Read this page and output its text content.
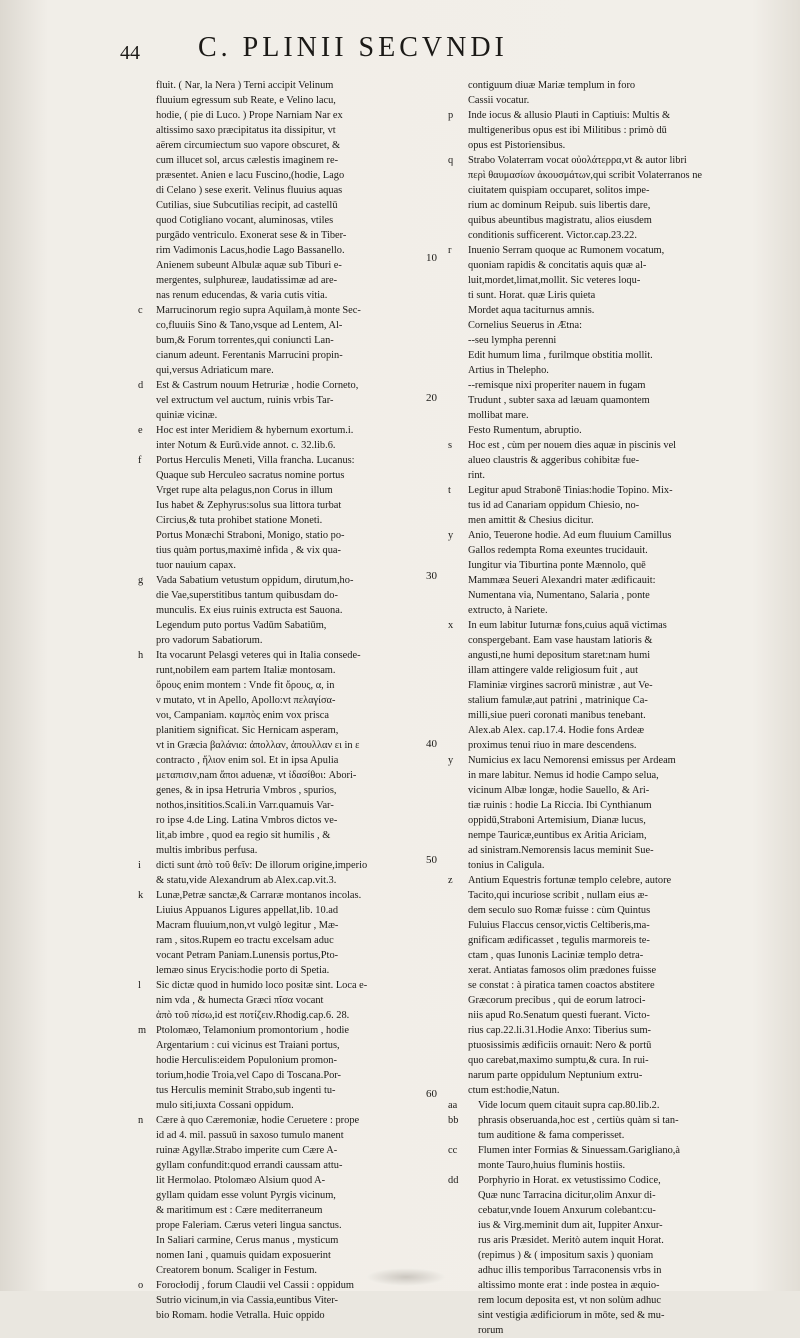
44 C. PLINII SECVNDI
10
20
30
40
50
60
fluit. ( Nar, la Nera ) Terni accipit Velinum
fluuium egressum sub Reate, e Velino lacu,
hodie, ( pie di Luco. ) Prope Narniam Nar ex
altissimo saxo præcipitatus ita dissipitur, vt
aërem circumiectum suo vapore obscuret, &
cum illucet sol, arcus cælestis imaginem re-
præsentet. Anien e lacu Fuscino,(hodie, Lago
di Celano ) sese exerit. Velinus fluuius aquas
Cutilias, siue Subcutilias recipit, ad castellū
quod Cotigliano vocant, aluminosas, vtiles
purgādo ventriculo. Exonerat sese & in Tiber-
rim Vadimonis Lacus,hodie Lago Bassanello.
Anienem subeunt Albulæ aquæ sub Tiburi e-
mergentes, sulphureæ, laudatissimæ ad are-
nas renum educendas, & varia cutis vitia.
c Marrucinorum regio supra Aquilam,à monte Sec-
co,fluuiis Sino & Tano,vsque ad Lentem, Al-
bum,& Forum torrentes,qui coniuncti Lan-
cianum adeunt. Ferentanis Marrucini propin-
qui,versus Adriaticum mare.
d Est & Castrum nouum Hetruriæ , hodie Corneto,
vel extructum vel auctum, ruinis vrbis Tar-
quiniæ vicinæ.
e Hoc est inter Meridiem & hybernum exortum.i.
inter Notum & Eurū.vide annot. c. 32.lib.6.
f Portus Herculis Meneti, Villa francha. Lucanus:
Quaque sub Herculeo sacratus nomine portus
Vrget rupe alta pelagus,non Corus in illum
Ius habet & Zephyrus:solus sua littora turbat
Circius,& tuta prohibet statione Moneti.
Portus Monæchi Straboni, Monigo, statio po-
tius quàm portus,maximè infida , & vix qua-
tuor nauium capax.
g Vada Sabatium vetustum oppidum, dirutum,ho-
die Vae,superstitibus tantum quibusdam do-
munculis. Ex eius ruinis extructa est Sauona.
Legendum puto portus Vadūm Sabatiūm,
pro vadorum Sabatiorum.
h Ita vocarunt Pelasgi veteres qui in Italia consede-
runt,nobilem eam partem Italiæ montosam.
ὄρους enim montem : Vnde fit ὄρους, α, in
ν mutato, vt in Apello, Apollo:vt πελαγίσα-
νοι, Campaniam. καμπὸς enim vox prisca
planitiem significat. Sic Hernicam asperam,
vt in Græcia βαλάνια: ἀπολλαν, ἀπουλλαν ει in ε
contracto , ἥλιον enim sol. Et in ipsa Apulia
μεταπισιν,nam ἄποι aduenæ, vt ἰδασίθοι: Abori-
genes, & in ipsa Hetruria Vmbros , spurios,
nothos,insititios.Scali.in Varr.quamuis Var-
ro ipse 4.de Ling. Latina Vmbros dictos ve-
lit,ab imbre , quod ea regio sit humilis , &
multis imbribus perfusa.
i dicti sunt ἀπὸ τοῦ θεῖν: De illorum origine,imperio
& statu,vide Alexandrum ab Alex.cap.vit.3.
k Lunæ,Petræ sanctæ,& Carraræ montanos incolas.
Liuius Appuanos Ligures appellat,lib. 10.ad
Macram fluuium,non,vt vulgò legitur , Mæ-
ram , sitos.Rupem eo tractu excelsam aduc
vocant Petram Paniam.Lunensis portus,Pto-
lemæo sinus Erycis:hodie porto di Spetia.
l Sic dictæ quod in humido loco positæ sint. Loca e-
nim vda , & humecta Græci πῖσα vocant
ἀπὸ τοῦ πίσω,id est ποτίζειν.Rhodig.cap.6. 28.
m Ptolomæo, Telamonium promontorium , hodie
Argentarium : cui vicinus est Traiani portus,
hodie Herculis:eidem Populonium promon-
torium,hodie Troia,vel Capo di Toscana.Por-
tus Herculis meminit Strabo,sub ingenti tu-
mulo siti,iuxta Cossani oppidum.
n Cære à quo Cæremoniæ, hodie Ceruetere : prope
id ad 4. mil. passuū in saxoso tumulo manent
ruinæ Agyllæ.Strabo imperite cum Cære A-
gyllam confundit:quod errandi caussam attu-
lit Hermolao. Ptolomæo Alsium quod A-
gyllam quidam esse volunt Pyrgis vicinum,
& maritimum est : Cære mediterraneum
prope Faleriam. Cærus veteri lingua sanctus.
In Saliari carmine, Cerus manus , mysticum
nomen Iani , quamuis quidam exposuerint
Creatorem bonum. Scaliger in Festum.
o Forocłodij , forum Claudii vel Cassii : oppidum
Sutrio vicinum,in via Cassia,euntibus Viter-
bio Romam. hodie Vetralla. Huic oppido
contiguum diuæ Mariæ templum in foro
Cassii vocatur.
p Inde iocus & allusio Plauti in Captiuis: Multis &
multigeneribus opus est ibi Militibus : primò dū
opus est Pistoriensibus.
q Strabo Volaterram vocat οὐολάτερρα,vt & autor libri
περὶ θαυμασίων ἀκουσμάτων,qui scribit Volaterranos ne
ciuitatem quispiam occuparet, solitos impe-
rium ac dominum Reipub. suis libertis dare,
quibus abeuntibus magistratu, alios eiusdem
conditionis sufficerent. Victor.cap.23.22.
r Inuenio Serram quoque ac Rumonem vocatum,
quoniam rapidis & concitatis aquis quæ al-
luit,mordet,limat,mollit. Sic veteres loqu-
ti sunt. Horat. quæ Liris quieta
Mordet aqua taciturnus amnis.
Cornelius Seuerus in Ætna:
--seu lympha perenni
Edit humum lima , furilmque obstitia mollit.
Artius in Thelepho.
--remisque nixi properiter nauem in fugam
Trudunt , subter saxa ad læuam quamontem
mollibat mare.
Festo Rumentum, abruptio.
s Hoc est , cùm per nouem dies aquæ in piscinis vel
alueo claustris & aggeribus cohibitæ fue-
rint.
t Legitur apud Strabonē Tinias:hodie Topino. Mix-
tus id ad Canariam oppidum Chiesio, no-
men amittit & Chesius dicitur.
y Anio, Teuerone hodie. Ad eum fluuium Camillus
Gallos redempta Roma exeuntes trucidauit.
Iungitur via Tiburtina ponte Mænnolo, quē
Mammæa Seueri Alexandri mater ædificauit:
Numentana via, Numentano, Salaria , ponte
extructo, à Nariete.
x In eum labitur Iuturnæ fons,cuius aquā victimas
conspergebant. Eam vase haustam latioris &
angusti,ne humi depositum staret:nam humi
illam attingere valde religiosum fuit , aut
Flaminiæ virgines sacrorū ministræ , aut Ve-
stalium famulæ,aut patrini , matrinique Ca-
milli,siue pueri coronati manibus tenebant.
Alex.ab Alex. cap.17.4. Hodie fons Ardeæ
proximus tenui riuo in mare descendens.
y Numicius ex lacu Nemorensi emissus per Ardeam
in mare labitur. Nemus id hodie Campo selua,
vicinum Albæ longæ, hodie Sauello, & Ari-
tiæ ruinis : hodie La Riccia. Ibi Cynthianum
oppidū,Straboni Artemisium, Dianæ lucus,
nempe Tauricæ,euntibus ex Aritia Ariciam,
ad sinistram.Nemorensis lacus meminit Sue-
tonius in Caligula.
z Antium Equestris fortunæ templo celebre, autore
Tacito,qui incuriose scribit , nullam eius æ-
dem seculo suo Romæ fuisse : cùm Quintus
Fuluius Flaccus censor,victis Celtiberis,ma-
gnificam ædificasset , tegulis marmoreis te-
ctam , quas Iunonis Laciniæ templo detra-
xerat. Antiatas famosos olim prædones fuisse
se constat : à piratica tamen coactos abstitere
Græcorum precibus , qui de eorum latroci-
niis apud Ro.Senatum questi fuerant. Victo-
rius cap.22.li.31.Hodie Anxo: Tiberius sum-
ptuosissimis ædificiis ornauit: Nero & portū
quo carebat,maximo sumptu,& cura. In rui-
narum parte oppidulum Neptunium extru-
ctum est:hodie,Natun.
aa Vide locum quem citauit supra cap.80.lib.2.
bb phrasis obseruanda,hoc est , certiùs quàm si tan-
tum auditione & fama comperisset.
cc Flumen inter Formias & Sinuessam.Garigliano,à
monte Tauro,huius fluminis hostiis.
dd Porphyrio in Horat. ex vetustissimo Codice,
Quæ nunc Tarracina dicitur,olim Anxur di-
cebatur,vnde Iouem Anxurum colebant:cu-
ius & Virg.meminit dum ait, Iuppiter Anxur-
rus aris Præsidet. Meritò autem inquit Horat.
(repimus ) & ( impositum saxis ) quoniam
adhuc illis temporibus Tarraconensis vrbs in
altissimo monte erat : inde postea in æquio-
rem locum deposita est, vt non solùm adhuc
sint vestigia ædificiorum in mōte, sed & mu-
rorum
